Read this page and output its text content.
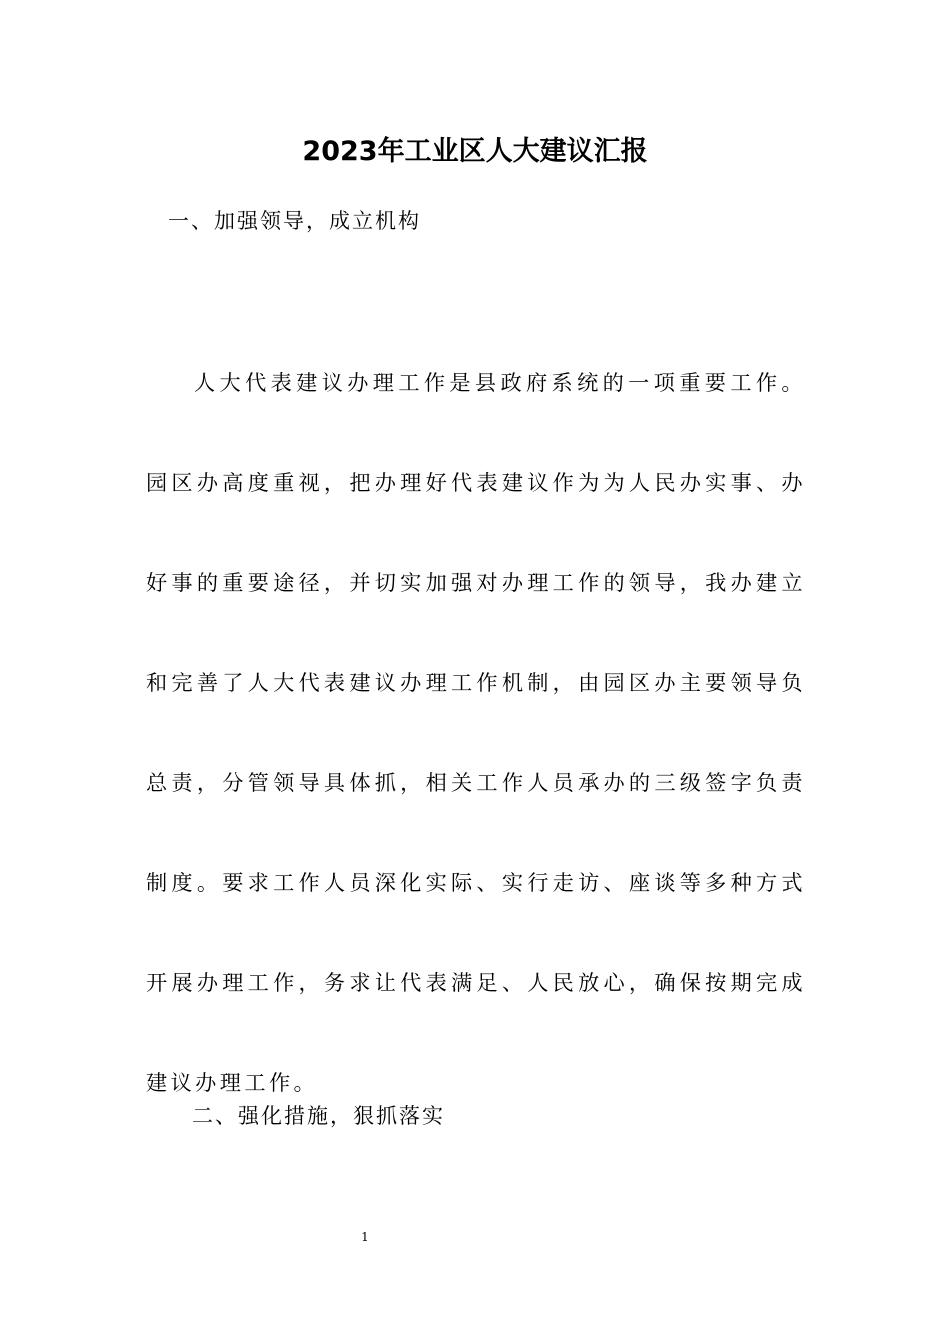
2023年工业区人大建议汇报

一、加强领导，成立机构

人大代表建议办理工作是县政府系统的一项重要工作。园区办高度重视，把办理好代表建议作为为人民办实事、办好事的重要途径，并切实加强对办理工作的领导，我办建立和完善了人大代表建议办理工作机制，由园区办主要领导负总责，分管领导具体抓，相关工作人员承办的三级签字负责制度。要求工作人员深化实际、实行走访、座谈等多种方式开展办理工作，务求让代表满足、人民放心，确保按期完成建议办理工作。

二、强化措施，狠抓落实

1
